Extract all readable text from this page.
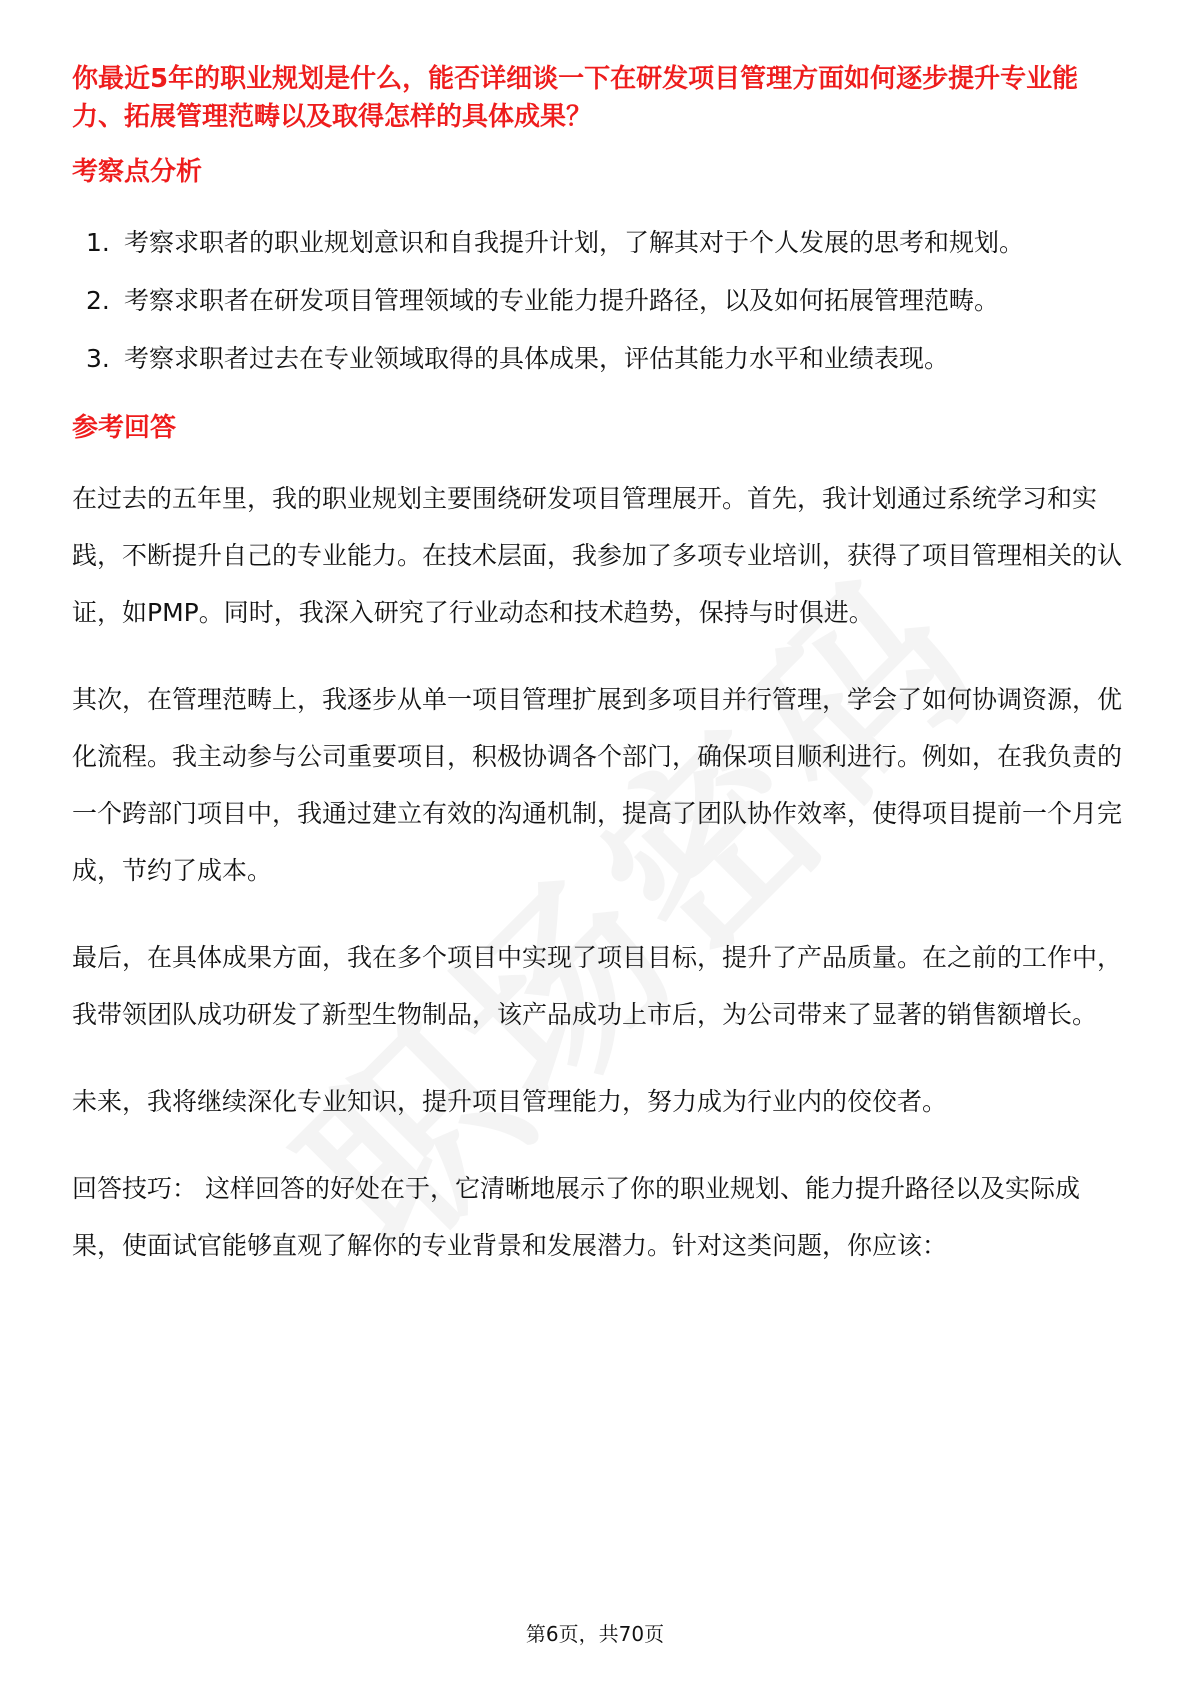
你最近5年的职业规划是什么，能否详细谈一下在研发项目管理方面如何逐步提升专业能力、拓展管理范畴以及取得怎样的具体成果？
考察点分析
1. 考察求职者的职业规划意识和自我提升计划，了解其对于个人发展的思考和规划。
2. 考察求职者在研发项目管理领域的专业能力提升路径，以及如何拓展管理范畴。
3. 考察求职者过去在专业领域取得的具体成果，评估其能力水平和业绩表现。
参考回答

在过去的五年里，我的职业规划主要围绕研发项目管理展开。首先，我计划通过系统学习和实践，不断提升自己的专业能力。在技术层面，我参加了多项专业培训，获得了项目管理相关的认证，如PMP。同时，我深入研究了行业动态和技术趋势，保持与时俱进。

其次，在管理范畴上，我逐步从单一项目管理扩展到多项目并行管理，学会了如何协调资源，优化流程。我主动参与公司重要项目，积极协调各个部门，确保项目顺利进行。例如，在我负责的一个跨部门项目中，我通过建立有效的沟通机制，提高了团队协作效率，使得项目提前一个月完成，节约了成本。

最后，在具体成果方面，我在多个项目中实现了项目目标，提升了产品质量。在之前的工作中，我带领团队成功研发了新型生物制品，该产品成功上市后，为公司带来了显著的销售额增长。

未来，我将继续深化专业知识，提升项目管理能力，努力成为行业内的佼佼者。

回答技巧： 这样回答的好处在于，它清晰地展示了你的职业规划、能力提升路径以及实际成果，使面试官能够直观了解你的专业背景和发展潜力。针对这类问题，你应该：

第6页，共70页
